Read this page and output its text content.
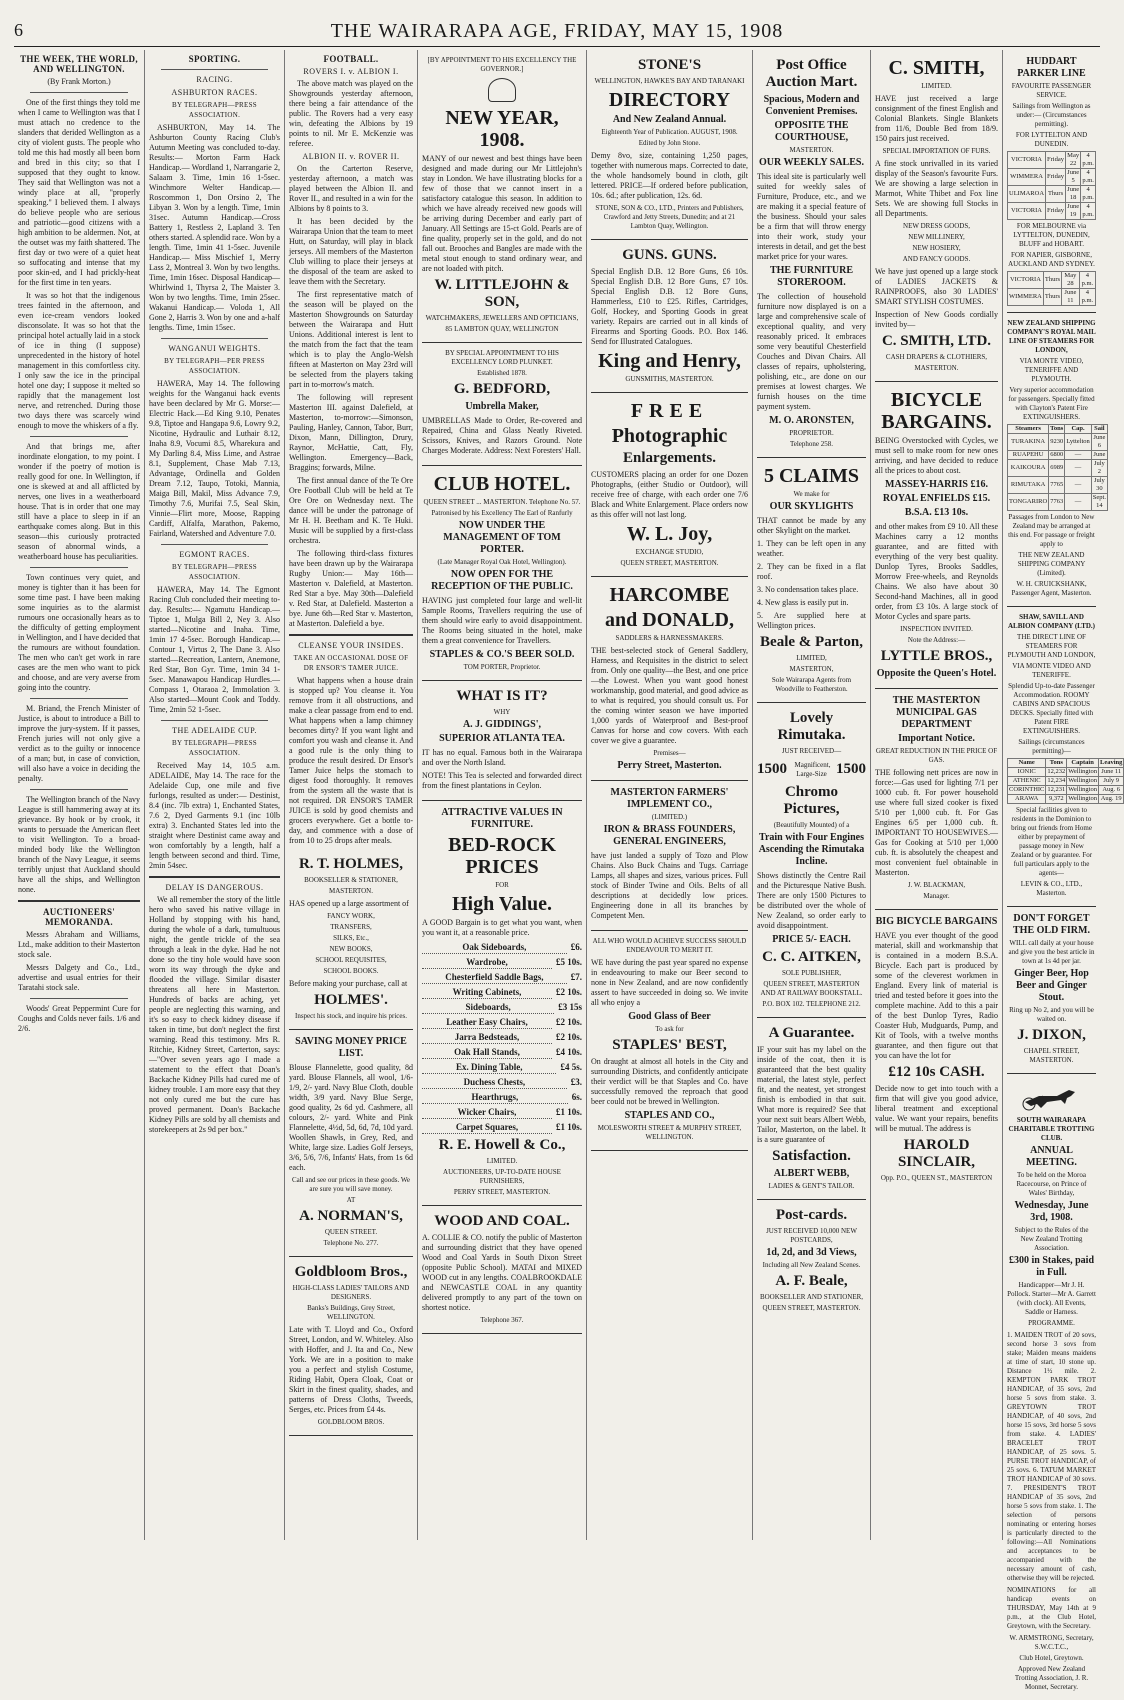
6	THE WAIRARAPA AGE, FRIDAY, MAY 15, 1908
THE WEEK, THE WORLD, AND WELLINGTON.
(By Frank Morton.)

One of the first things they told me when I came to Wellington was that I must attach no credence to the slanders that derided Wellington as a city of violent gusts. The people who told me this had mostly all been born and bred in this city; so that I supposed that they ought to know. They said that Wellington was not a windy place at all, "properly speaking." I believed them. I always do believe people who are serious and patriotic—good citizens with a high ambition to be aldermen. Not, at the outset was my faith shattered. The first day or two were of a quiet heat so suffocating and intense that my poor skin-ed, and I had prickly-heat for the first time in ten years.

It was so hot that the indigenous trees fainted in the afternoon, and even ice-cream vendors looked disconsolate. It was so hot that the principal hotel actually laid in a stock of ice in thing (I suppose) unprecedented in the history of hotel management in this comfortless city. I only saw the ice in the principal hotel one day; I suppose it melted so rapidly that the management lost nerve, and retrenched. During those two days there was scarcely wind enough to move the whiskers of a fly.

And that brings me, after inordinate elongation, to my point. I wonder if the poetry of motion is really good for one. In Wellington, if one is skewed at and all afflicted by nerves, one lives in a weatherboard house. That is in order that one may still have a place to sleep in if an earthquake comes along. But in this season—this curiously protracted season of abnormal winds, a weatherboard house has peculiarities.

Town continues very quiet, and money is tighter than it has been for some time past. I have been making some inquiries as to the alarmist rumours one occasionally hears as to the difficulty of getting employment in Wellington, and I have decided that the rumours are without foundation. The men who can't get work in rare cases are the men who want to pick and choose, and are very averse from going into the country.

M. Briand, the French Minister of Justice, is about to introduce a Bill to improve the jury-system. If it passes, French juries will not only give a verdict as to the guilty or innocence of a man; but, in case of conviction, will also have a voice in deciding the penalty.

The Wellington branch of the Navy League is still hammering away at its grievance. By hook or by crook, it wants to persuade the American fleet to visit Wellington. To a broad-minded body like the Wellington branch of the Navy League, it seems terribly unjust that Auckland should have all the ships, and Wellington none.

AUCTIONEERS' MEMORANDA.

Messrs Abraham and Williams, Ltd., make addition to their Masterton stock sale.

Messrs Dalgety and Co., Ltd., advertise and usual entries for their Taratahi stock sale.

Woods' Great Peppermint Cure for Coughs and Colds never fails. 1/6 and 2/6.

SPORTING.
RACING.
ASHBURTON RACES.
BY TELEGRAPH—PRESS ASSOCIATION.

ASHBURTON, May 14. The Ashburton County Racing Club's Autumn Meeting was concluded to-day. Results:— Morton Farm Hack Handicap.— Wordland 1, Narrangarie 2, Salaam 3. Time, 1min 16 1-5sec. Winchmore Welter Handicap.— Roscommon 1, Don Orsino 2, The Libyan 3. Won by a length. Time, 1min 31sec. Autumn Handicap.—Cross Battery 1, Restless 2, Lapland 3. Ten others started. A splendid race. Won by a length. Time, 1min 41 1-5sec. Juvenile Handicap.— Miss Mischief 1, Merry Lass 2, Montreal 3. Won by two lengths. Time, 1min 16sec. Disposal Handicap—Whirlwind 1, Thyrsa 2, The Maister 3. Won by two lengths. Time, 1min 25sec. Wakanui Handicap.— Voloda 1, All Gone 2, Harris 3. Won by one and a-half lengths. Time, 1min 15sec.

WANGANUI WEIGHTS.
BY TELEGRAPH—PER PRESS ASSOCIATION.

HAWERA, May 14. The following weights for the Wanganui hack events have been declared by Mr G. Morse:— Electric Hack.—Ed King 9.10, Penates 9.8, Tiptoe and Hangapa 9.6, Lowry 9.2, Nicotine, Hydraulic and Luthair 8.12, Inaha 8.9, Vocumi 8.5, Wharekura and My Darling 8.4, Miss Lime, and Astrae 8.1, Supplement, Chase Mab 7.13, Advantage, Ordinella and Golden Dream 7.12, Taupo, Totoki, Mannia, Maiga Bill, Makil, Miss Advance 7.9, Timothy 7.6, Murifai 7.5, Seal Skin, Vinnie—Flirt more, Moose, Rapping Cardiff, Alfalfa, Marathon, Pakemo, Fairland, Watershed and Adventure 7.0.

EGMONT RACES.
BY TELEGRAPH—PRESS ASSOCIATION.

HAWERA, May 14. The Egmont Racing Club concluded their meeting to-day. Results:— Ngamutu Handicap.— Tiptoe 1, Mulga Bill 2, Ney 3. Also started—Nicotine and Inaha. Time, 1min 17 4-5sec. Borough Handicap.— Contour 1, Virtus 2, The Dane 3. Also started—Recreation, Lantern, Anemone, Red Star, Bon Gyr. Time, 1min 34 1-5sec. Manawapou Handicap Hurdles.— Compass 1, Otaraoa 2, Immolation 3. Also started—Mount Cook and Toddy. Time, 2min 52 1-5sec.

THE ADELAIDE CUP.
BY TELEGRAPH—PRESS ASSOCIATION.

Received May 14, 10.5 a.m. ADELAIDE, May 14. The race for the Adelaide Cup, one mile and five furlongs, resulted as under:— Destinist, 8.4 (inc. 7lb extra) 1, Enchanted States, 7.6 2, Dyed Garments 9.1 (inc 10lb extra) 3. Enchanted States led into the straight where Destinist came away and won comfortably by a length, half a length between second and third. Time, 2min 54sec.

DELAY IS DANGEROUS.

We all remember the story of the little hero who saved his native village in Holland by stopping with his hand, during the whole of a dark, tumultuous night, the gentle trickle of the sea through a leak in the dyke. Had he not done so the tiny hole would have soon worn its way through the dyke and flooded the village. Similar disaster threatens all here in Masterton. Hundreds of backs are aching, yet people are neglecting this warning, and it's so easy to check kidney disease if taken in time, but don't neglect the first warning. Read this testimony. Mrs R. Ritchie, Kidney Street, Carterton, says:—"Over seven years ago I made a statement to the effect that Doan's Backache Kidney Pills had cured me of kidney trouble. I am more easy that they not only cured me but the cure has proved permanent. Doan's Backache Kidney Pills are sold by all chemists and storekeepers at 2s 9d per box."

FOOTBALL.
ROVERS I. v. ALBION I.

The above match was played on the Showgrounds yesterday afternoon, there being a fair attendance of the public. The Rovers had a very easy win, defeating the Albions by 19 points to nil. Mr E. McKenzie was referee.

ALBION II. v. ROVER II.

On the Carterton Reserve, yesterday afternoon, a match was played between the Albion II. and Rover II., and resulted in a win for the Albions by 8 points to 3.

It has been decided by the Wairarapa Union that the team to meet Hutt, on Saturday, will play in black jerseys. All members of the Masterton Club willing to place their jerseys at the disposal of the team are asked to leave them with the Secretary.

The first representative match of the season will be played on the Masterton Showgrounds on Saturday between the Wairarapa and Hutt Unions. Additional interest is lent to the match from the fact that the team which is to play the Anglo-Welsh fifteen at Masterton on May 23rd will be selected from the players taking part in to-morrow's match.

The following will represent Masterton III. against Dalefield, at Masterton, to-morrow:—Simonson, Pauling, Hanley, Cannon, Tabor, Burr, Dixon, Mann, Dillington, Drury, Raynor, McHattie, Catt, Fly, Wellington. Emergency—Back, Braggins; forwards, Milne.

The first annual dance of the Te Ore Ore Football Club will be held at Te Ore Ore on Wednesday next. The dance will be under the patronage of Mr H. H. Beetham and K. Te Huki. Music will be supplied by a first-class orchestra.

The following third-class fixtures have been drawn up by the Wairarapa Rugby Union:— May 16th—Masterton v. Dalefield, at Masterton. Red Star a bye. May 30th—Dalefield v. Red Star, at Dalefield. Masterton a bye. June 6th—Red Star v. Masterton, at Masterton. Dalefield a bye.

CLEANSE YOUR INSIDES.
TAKE AN OCCASIONAL DOSE OF DR ENSOR'S TAMER JUICE.

What happens when a house drain is stopped up? You cleanse it. You remove from it all obstructions, and make a clear passage from end to end. What happens when a lamp chimney becomes dirty? If you want light and comfort you wash and cleanse it. And a good rule is the only thing to produce the result desired. Dr Ensor's Tamer Juice helps the stomach to digest food thoroughly. It removes from the system all the waste that is not required. DR ENSOR'S TAMER JUICE is sold by good chemists and grocers everywhere. Get a bottle to-day, and commence with a dose of from 10 to 25 drops after meals.

R. T. HOLMES,
BOOKSELLER & STATIONER,
MASTERTON.
HAS opened up a large assortment of
FANCY WORK,
TRANSFERS,
SILKS, Etc.,
NEW BOOKS,
SCHOOL REQUISITES,
SCHOOL BOOKS.
Before making your purchase, call at
HOLMES'.
Inspect his stock, and inquire his prices.
SAVING MONEY PRICE LIST.
Blouse Flannelette, good quality, 8d yard. Blouse Flannels, all wool, 1/6-1/9, 2/- yard. Navy Blue Cloth, double width, 3/9 yard. Navy Blue Serge, good quality, 2s 6d yd. Cashmere, all colours, 2/- yard. White and Pink Flannelette, 4½d, 5d, 6d, 7d, 10d yard. Woollen Shawls, in Grey, Red, and White, large size. Ladies Golf Jerseys, 3/6, 5/6, 7/6, Infants' Hats, from 1s 6d each.
Call and see our prices in these goods. We are sure you will save money.
AT
A. NORMAN'S,
QUEEN STREET.
Telephone No. 277.
Goldbloom Bros.,
HIGH-CLASS LADIES' TAILORS AND DESIGNERS.
Banks's Buildings, Grey Street, WELLINGTON.
Late with T. Lloyd and Co., Oxford Street, London, and W. Whiteley. Also with Hoffer, and J. Ita and Co., New York. We are in a position to make you a perfect and stylish Costume, Riding Habit, Opera Cloak, Coat or Skirt in the finest quality, shades, and patterns of Dress Cloths, Tweeds, Serges, etc. Prices from £4 4s.
GOLDBLOOM BROS.
[BY APPOINTMENT TO HIS EXCELLENCY THE GOVERNOR.]
NEW YEAR, 1908.
MANY of our newest and best things have been designed and made during our Mr Littlejohn's stay in London. We have illustrating blocks for a few of those that we cannot insert in a satisfactory catalogue this season. In addition to which we have already received new goods will be arriving during December and early part of January. All Settings are 15-ct Gold. Pearls are of fine quality, properly set in the gold, and do not fall out. Brooches and Bangles are made with the metal stout enough to stand ordinary wear, and are not loaded with pitch.
W. LITTLEJOHN & SON,
WATCHMAKERS, JEWELLERS AND OPTICIANS,
85 LAMBTON QUAY, WELLINGTON
BY SPECIAL APPOINTMENT TO HIS EXCELLENCY LORD PLUNKET.
Established 1878.
G. BEDFORD,
Umbrella Maker,
UMBRELLAS Made to Order, Re-covered and Repaired, China and Glass Neatly Riveted. Scissors, Knives, and Razors Ground. Note Charges Moderate. Address: Next Foresters' Hall.
CLUB HOTEL.
QUEEN STREET ... MASTERTON. Telephone No. 57.
Patronised by his Excellency The Earl of Ranfurly
NOW UNDER THE MANAGEMENT OF TOM PORTER.
(Late Manager Royal Oak Hotel, Wellington).
NOW OPEN FOR THE RECEPTION OF THE PUBLIC.
HAVING just completed four large and well-lit Sample Rooms, Travellers requiring the use of them should wire early to avoid disappointment. The Rooms being situated in the hotel, make them a great convenience for Travellers.
STAPLES & CO.'S BEER SOLD.
TOM PORTER, Proprietor.
WHAT IS IT?
WHY
A. J. GIDDINGS',
SUPERIOR ATLANTA TEA.
IT has no equal. Famous both in the Wairarapa and over the North Island.
NOTE! This Tea is selected and forwarded direct from the finest plantations in Ceylon.
ATTRACTIVE VALUES IN FURNITURE.
BED-ROCK PRICES
FOR
High Value.
A GOOD Bargain is to get what you want, when you want it, at a reasonable price.
Oak Sideboards,	£6.
Wardrobe,	£5 10s.
Chesterfield Saddle Bags,	£7.
Writing Cabinets,	£2 10s.
Sideboards,	£3 15s
Leather Easy Chairs,	£2 10s.
Jarra Bedsteads,	£2 10s.
Oak Hall Stands,	£4 10s.
Ex. Dining Table,	£4 5s.
Duchess Chests,	£3.
Hearthrugs,	6s.
Wicker Chairs,	£1 10s.
Carpet Squares,	£1 10s.
R. E. Howell & Co.,
LIMITED.
AUCTIONEERS, UP-TO-DATE HOUSE FURNISHERS,
PERRY STREET, MASTERTON.
WOOD AND COAL.
A. COLLIE & CO. notify the public of Masterton and surrounding district that they have opened Wood and Coal Yards in South Dixon Street (opposite Public School). MATAI and MIXED WOOD cut in any lengths. COALBROOKDALE and NEWCASTLE COAL in any quantity delivered promptly to any part of the town on shortest notice.
Telephone 367.
STONE'S
WELLINGTON, HAWKE'S BAY AND TARANAKI
DIRECTORY
And New Zealand Annual.
Eighteenth Year of Publication. AUGUST, 1908.
Edited by John Stone.
Demy 8vo, size, containing 1,250 pages, together with numerous maps. Corrected to date, the whole handsomely bound in cloth, gilt lettered. PRICE—If ordered before publication, 10s. 6d.; after publication, 12s. 6d.
STONE, SON & CO., LTD., Printers and Publishers, Crawford and Jetty Streets, Dunedin; and at 21 Lambton Quay, Wellington.
GUNS. GUNS.
Special English D.B. 12 Bore Guns, £6 10s. Special English D.B. 12 Bore Guns, £7 10s. Special English D.B. 12 Bore Guns, Hammerless, £10 to £25. Rifles, Cartridges, Golf, Hockey, and Sporting Goods in great variety. Repairs are carried out in all kinds of Firearms and Sporting Goods. P.O. Box 146. Send for Illustrated Catalogues.
King and Henry,
GUNSMITHS, MASTERTON.
FREE
Photographic
Enlargements.
CUSTOMERS placing an order for one Dozen Photographs, (either Studio or Outdoor), will receive free of charge, with each order one 7/6 Black and White Enlargement. Place orders now as this offer will not last long.
W. L. Joy,
EXCHANGE STUDIO,
QUEEN STREET, MASTERTON.
HARCOMBE
and DONALD,
SADDLERS & HARNESSMAKERS.
THE best-selected stock of General Saddlery, Harness, and Requisites in the district to select from. Only one quality—the Best, and one price—the Lowest. When you want good honest workmanship, good material, and good advice as to what is required, you should consult us. For the coming winter season we have imported 1,000 yards of Waterproof and Best-proof Canvas for horse and cow covers. With each cover we give a guarantee.
Premises—
Perry Street, Masterton.
MASTERTON FARMERS' IMPLEMENT CO.,
(LIMITED.)
IRON & BRASS FOUNDERS, GENERAL ENGINEERS,
have just landed a supply of Tozo and Plow Chains. Also Buck Chains and Tugs. Carriage Lamps, all shapes and sizes, various prices. Full stock of Binder Twine and Oils. Belts of all descriptions at decidedly low prices. Engineering done in all its branches by Competent Men.
ALL WHO WOULD ACHIEVE SUCCESS SHOULD ENDEAVOUR TO MERIT IT.
WE have during the past year spared no expense in endeavouring to make our Beer second to none in New Zealand, and are now confidently assert to have succeeded in doing so. We invite all who enjoy a
Good Glass of Beer
To ask for
STAPLES' BEST,
On draught at almost all hotels in the City and surrounding Districts, and confidently anticipate their verdict will be that Staples and Co. have successfully removed the reproach that good beer could not be brewed in Wellington.
STAPLES AND CO.,
MOLESWORTH STREET & MURPHY STREET, WELLINGTON.
Post Office Auction Mart.
Spacious, Modern and Convenient Premises.
OPPOSITE THE COURTHOUSE,
MASTERTON.
OUR WEEKLY SALES.
This ideal site is particularly well suited for weekly sales of Furniture, Produce, etc., and we are making it a special feature of the business. Should your sales be a firm that will throw energy into their work, study your interests in detail, and get the best market price for your wares.
THE FURNITURE STOREROOM.
The collection of household furniture now displayed is on a large and comprehensive scale of exceptional quality, and very reasonably priced. It embraces some very beautiful Chesterfield Couches and Divan Chairs. All classes of repairs, upholstering, polishing, etc., are done on our premises at lowest charges. We furnish houses on the time payment system.
M. O. ARONSTEN,
PROPRIETOR.
Telephone 258.
5 CLAIMS
We make for
OUR SKYLIGHTS
THAT cannot be made by any other Skylight on the market.
1. They can be left open in any weather.
2. They can be fixed in a flat roof.
3. No condensation takes place.
4. New glass is easily put in.
5. Are supplied here at Wellington prices.
Beale & Parton,
LIMITED,
MASTERTON,
Sole Wairarapa Agents from Woodville to Featherston.
Lovely Rimutaka.
JUST RECEIVED—
1500 Magnificent, Large-Size 1500
Chromo Pictures,
(Beautifully Mounted) of a
Train with Four Engines Ascending the Rimutaka Incline.
Shows distinctly the Centre Rail and the Picturesque Native Bush. There are only 1500 Pictures to be distributed over the whole of New Zealand, so order early to avoid disappointment.
PRICE 5/- EACH.
C. C. AITKEN,
SOLE PUBLISHER,
QUEEN STREET, MASTERTON AND AT RAILWAY BOOKSTALL.
P.O. BOX 102. TELEPHONE 212.
A Guarantee.
IF your suit has my label on the inside of the coat, then it is guaranteed that the best quality material, the latest style, perfect fit, and the neatest, yet strongest finish is embodied in that suit. What more is required? See that your next suit bears Albert Webb, Tailor, Masterton, on the label. It is a sure guarantee of
Satisfaction.
ALBERT WEBB,
LADIES & GENT'S TAILOR.
Post-cards.
JUST RECEIVED 10,000 NEW POSTCARDS,
1d, 2d, and 3d Views,
Including all New Zealand Scenes.
A. F. Beale,
BOOKSELLER AND STATIONER,
QUEEN STREET, MASTERTON.
C. SMITH,
LIMITED.
HAVE just received a large consignment of the finest English and Colonial Blankets. Single Blankets from 11/6, Double Bed from 18/9. 150 pairs just received.
SPECIAL IMPORTATION OF FURS.
A fine stock unrivalled in its varied display of the Season's favourite Furs. We are showing a large selection in Marmot, White Thibet and Fox line Sets. We are showing full Stocks in all Departments.
NEW DRESS GOODS,
NEW MILLINERY,
NEW HOSIERY,
AND FANCY GOODS.
We have just opened up a large stock of LADIES JACKETS & RAINPROOFS, also 30 LADIES' SMART STYLISH COSTUMES.
Inspection of New Goods cordially invited by—
C. SMITH, LTD.
CASH DRAPERS & CLOTHIERS,
MASTERTON.
BICYCLE BARGAINS.
BEING Overstocked with Cycles, we must sell to make room for new ones arriving, and have decided to reduce all the prices to about cost.
MASSEY-HARRIS £16.
ROYAL ENFIELDS £15.
B.S.A. £13 10s.
and other makes from £9 10. All these Machines carry a 12 months guarantee, and are fitted with everything of the very best quality. Dunlop Tyres, Brooks Saddles, Morrow Free-wheels, and Reynolds Chains. We also have about 30 Second-hand Machines, all in good order, from £3 10s. A large stock of Motor Cycles and spare parts.
INSPECTION INVITED.
Note the Address:—
LYTTLE BROS.,
Opposite the Queen's Hotel.
THE MASTERTON MUNICIPAL GAS DEPARTMENT
Important Notice.
GREAT REDUCTION IN THE PRICE OF GAS.
THE following nett prices are now in force:—Gas used for lighting 7/1 per 1000 cub. ft. For power household use where full sized cooker is fixed 5/10 per 1,000 cub. ft. For Gas Engines 6/5 per 1,000 cub. ft. IMPORTANT TO HOUSEWIVES.—Gas for Cooking at 5/10 per 1,000 cub. ft. is absolutely the cheapest and most convenient fuel obtainable in Masterton.
J. W. BLACKMAN,
Manager.
BIG BICYCLE BARGAINS
HAVE you ever thought of the good material, skill and workmanship that is contained in a modern B.S.A. Bicycle. Each part is produced by some of the cleverest workmen in England. Every link of material is tried and tested before it goes into the complete machine. Add to this a pair of the best Dunlop Tyres, Radio Coaster Hub, Mudguards, Pump, and Kit of Tools, with a twelve months guarantee, and then figure out that you can have the lot for
£12 10s CASH.
Decide now to get into touch with a firm that will give you good advice, liberal treatment and exceptional value. We want your repairs, benefits will be mutual. The address is
HAROLD SINCLAIR,
Opp. P.O., QUEEN ST., MASTERTON
HUDDART PARKER LINE
FAVOURITE PASSENGER SERVICE.
Sailings from Wellington as under:— (Circumstances permitting).
FOR LYTTELTON AND DUNEDIN.
VICTORIA	Friday	May 22	4 p.m.
WIMMERA	Friday	June 5	4 p.m.
ULIMAROA	Thurs	June 18	4 p.m.
VICTORIA	Friday	June 19	4 p.m.
FOR MELBOURNE via LYTTELTON, DUNEDIN, BLUFF and HOBART.
FOR NAPIER, GISBORNE, AUCKLAND AND SYDNEY.
VICTORIA	Thurs	May 28	4 p.m.
WIMMERA	Thurs	June 11	4 p.m.
NEW ZEALAND SHIPPING COMPANY'S ROYAL MAIL LINE OF STEAMERS FOR LONDON,
VIA MONTE VIDEO, TENERIFFE AND PLYMOUTH.
Very superior accommodation for passengers. Specially fitted with Clayton's Patent Fire EXTINGUISHERS.
Steamers	Tons	Cap.	Sail
TURAKINA	9230	Lyttelton	June 6
RUAPEHU	6800	—	June
KAIKOURA	6989	—	July 2
RIMUTAKA	7765	—	July 30
TONGARIRO	7763	—	Sept. 14
Passages from London to New Zealand may be arranged at this end. For passage or freight apply to
THE NEW ZEALAND SHIPPING COMPANY (Limited).
W. H. CRUICKSHANK, Passenger Agent, Masterton.
SHAW, SAVILL AND ALBION COMPANY (LTD.)
THE DIRECT LINE OF STEAMERS FOR PLYMOUTH AND LONDON,
VIA MONTE VIDEO AND TENERIFFE.
Splendid Up-to-date Passenger Accommodation. ROOMY CABINS AND SPACIOUS DECKS. Specially fitted with Patent FIRE EXTINGUISHERS.
Sailings (circumstances permitting)—
Name	Tons	Captain	Leaving
IONIC	12,232	Wellington	June 11
ATHENIC	12,234	Wellington	July 9
CORINTHIC	12,231	Wellington	Aug. 6
ARAWA	9,372	Wellington	Aug. 19
Special facilities given to residents in the Dominion to bring out friends from Home either by prepayment of passage money in New Zealand or by guarantee. For full particulars apply to the agents—
LEVIN & CO., LTD., Masterton.
DON'T FORGET THE OLD FIRM.
WILL call daily at your house and give you the best article in town at 1s 4d per jar.
Ginger Beer, Hop Beer and Ginger Stout.
Ring up No 2, and you will be waited on.
J. DIXON,
CHAPEL STREET, MASTERTON.
SOUTH WAIRARAPA CHARITABLE TROTTING CLUB.
ANNUAL MEETING.
To be held on the Moroa Racecourse, on Prince of Wales' Birthday,
Wednesday, June 3rd, 1908.
Subject to the Rules of the New Zealand Trotting Association.
£300 in Stakes, paid in Full.
Handicapper—Mr J. H. Pollock. Starter—Mr A. Garrett (with clock). All Events, Saddle or Harness.
PROGRAMME.
1. MAIDEN TROT of 20 sovs, second horse 3 sovs from stake; Maiden means maidens at time of start, 10 stone up. Distance 1½ mile. 2. KEMPTON PARK TROT HANDICAP, of 35 sovs, 2nd horse 5 sovs from stake. 3. GREYTOWN TROT HANDICAP, of 40 sovs, 2nd horse 15 sovs, 3rd horse 5 sovs from stake. 4. LADIES' BRACELET TROT HANDICAP, of 25 sovs. 5. PURSE TROT HANDICAP, of 25 sovs. 6. TATUM MARKET TROT HANDICAP of 30 sovs. 7. PRESIDENT'S TROT HANDICAP of 35 sovs, 2nd horse 5 sovs from stake. 1. The selection of persons nominating or entering horses is particularly directed to the following:—All Nominations and acceptances to be accompanied with the necessary amount of cash, otherwise they will be rejected.
NOMINATIONS for all handicap events on THURSDAY, May 14th at 9 p.m., at the Club Hotel, Greytown, with the Secretary.
W. ARMSTRONG, Secretary, S.W.C.T.C.,
Club Hotel, Greytown.
Approved New Zealand Trotting Association, J. R. Monnet, Secretary.
